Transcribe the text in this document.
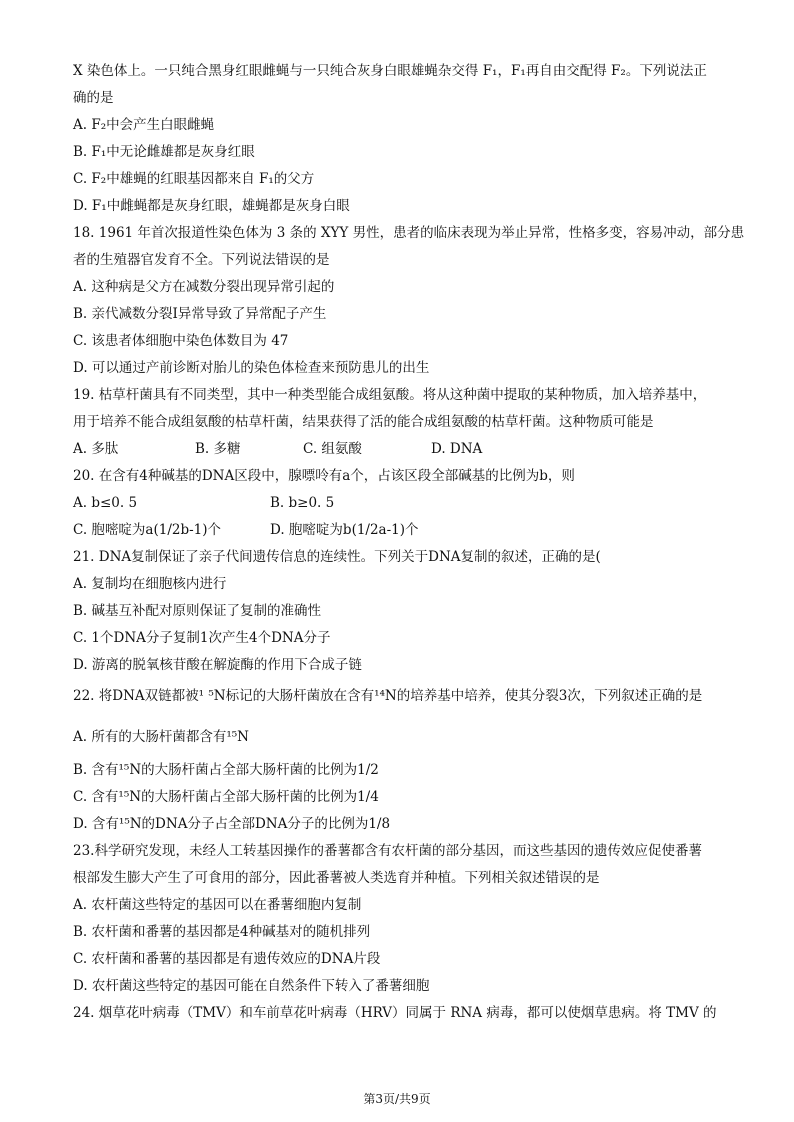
X 染色体上。一只纯合黑身红眼雌蝇与一只纯合灰身白眼雄蝇杂交得 F₁，F₁再自由交配得 F₂。下列说法正
确的是
A. F₂中会产生白眼雌蝇
B. F₁中无论雌雄都是灰身红眼
C. F₂中雄蝇的红眼基因都来自 F₁的父方
D. F₁中雌蝇都是灰身红眼，雄蝇都是灰身白眼
18. 1961 年首次报道性染色体为 3 条的 XYY 男性，患者的临床表现为举止异常，性格多变，容易冲动，部分患
者的生殖器官发育不全。下列说法错误的是
A. 这种病是父方在减数分裂出现异常引起的
B. 亲代减数分裂Ⅰ异常导致了异常配子产生
C. 该患者体细胞中染色体数目为 47
D. 可以通过产前诊断对胎儿的染色体检查来预防患儿的出生
19. 枯草杆菌具有不同类型，其中一种类型能合成组氨酸。将从这种菌中提取的某种物质，加入培养基中，
用于培养不能合成组氨酸的枯草杆菌，结果获得了活的能合成组氨酸的枯草杆菌。这种物质可能是
A. 多肽	B. 多糖	C. 组氨酸	D. DNA
20. 在含有4种碱基的DNA区段中，腺嘌呤有a个，占该区段全部碱基的比例为b，则
A. b≤0. 5	B. b≥0. 5
C. 胞嘧啶为a(1/2b-1)个	D. 胞嘧啶为b(1/2a-1)个
21. DNA复制保证了亲子代间遗传信息的连续性。下列关于DNA复制的叙述，正确的是(
A. 复制均在细胞核内进行
B. 碱基互补配对原则保证了复制的准确性
C. 1个DNA分子复制1次产生4个DNA分子
D. 游离的脱氧核苷酸在解旋酶的作用下合成子链
22. 将DNA双链都被¹ ⁵N标记的大肠杆菌放在含有¹⁴N的培养基中培养，使其分裂3次，下列叙述正确的是
A. 所有的大肠杆菌都含有¹⁵N
B. 含有¹⁵N的大肠杆菌占全部大肠杆菌的比例为1/2
C. 含有¹⁵N的大肠杆菌占全部大肠杆菌的比例为1/4
D. 含有¹⁵N的DNA分子占全部DNA分子的比例为1/8
23.科学研究发现，未经人工转基因操作的番薯都含有农杆菌的部分基因，而这些基因的遗传效应促使番薯
根部发生膨大产生了可食用的部分，因此番薯被人类选育并种植。下列相关叙述错误的是
A. 农杆菌这些特定的基因可以在番薯细胞内复制
B. 农杆菌和番薯的基因都是4种碱基对的随机排列
C. 农杆菌和番薯的基因都是有遗传效应的DNA片段
D. 农杆菌这些特定的基因可能在自然条件下转入了番薯细胞
24. 烟草花叶病毒（TMV）和车前草花叶病毒（HRV）同属于 RNA 病毒，都可以使烟草患病。将 TMV 的
第3页/共9页
